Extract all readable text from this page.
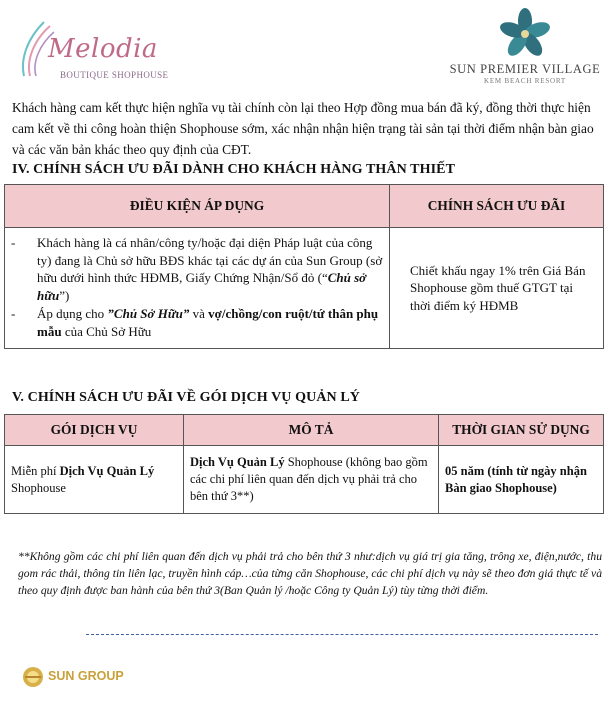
Melodia
BOUTIQUE SHOPHOUSE	SUN PREMIER VILLAGE
KEM BEACH RESORT
Khách hàng cam kết thực hiện nghĩa vụ tài chính còn lại theo Hợp đồng mua bán đã ký, đồng thời thực hiện cam kết về thi công hoàn thiện Shophouse sớm, xác nhận nhận hiện trạng tài sản tại thời điểm nhận bàn giao và các văn bản khác theo quy định của CĐT.
IV. CHÍNH SÁCH ƯU ĐÃI DÀNH CHO KHÁCH HÀNG THÂN THIẾT
ĐIỀU KIỆN ÁP DỤNG	CHÍNH SÁCH ƯU ĐÃI

- Khách hàng là cá nhân/công ty/hoặc đại diện Pháp luật của công ty) đang là Chủ sở hữu BĐS khác tại các dự án của Sun Group (sở hữu dưới hình thức HĐMB, Giấy Chứng Nhận/Sổ đỏ (“Chủ sở hữu”)
- Áp dụng cho ”Chủ Sở Hữu” và vợ/chồng/con ruột/tứ thân phụ mẫu của Chủ Sở Hữu	Chiết khấu ngay 1% trên Giá Bán Shophouse gồm thuế GTGT tại thời điểm ký HĐMB
V. CHÍNH SÁCH ƯU ĐÃI VỀ GÓI DỊCH VỤ QUẢN LÝ
GÓI DỊCH VỤ	MÔ TẢ	THỜI GIAN SỬ DỤNG
Miễn phí Dịch Vụ Quản Lý Shophouse	Dịch Vụ Quản Lý Shophouse (không bao gồm các chi phí liên quan đến dịch vụ phải trả cho bên thứ 3**)	05 năm (tính từ ngày nhận Bàn giao Shophouse)
**Không gồm các chi phí liên quan đến dịch vụ phải trả cho bên thứ 3 như:dịch vụ giá trị gia tăng, trông xe, điện,nước, thu gom rác thải, thông tin liên lạc, truyền hình cáp…của từng căn Shophouse, các chi phí dịch vụ này sẽ theo đơn giá thực tế và theo quy định được ban hành của bên thứ 3(Ban Quản lý /hoặc Công ty Quản Lý) tùy từng thời điểm.
SUN GROUP
